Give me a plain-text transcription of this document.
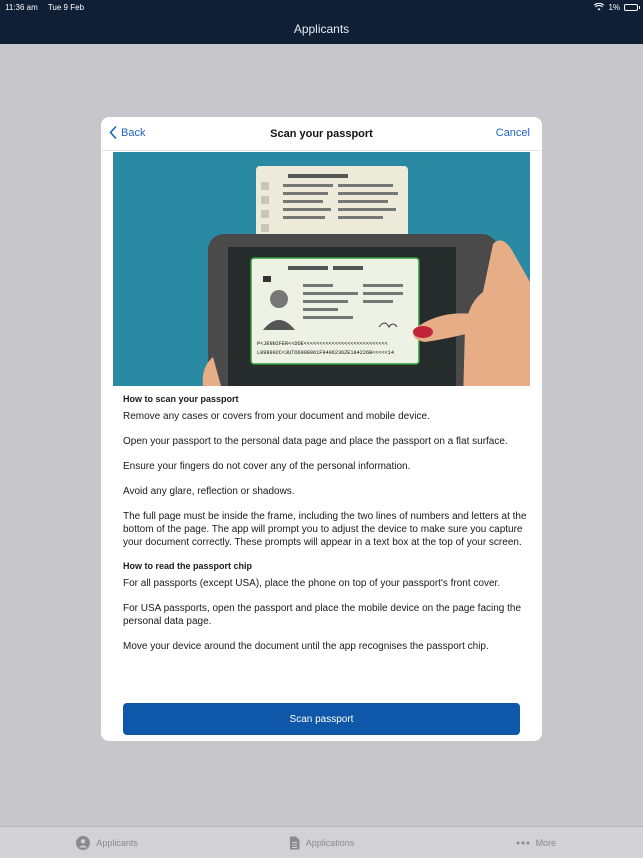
11:36 am Tue 9 Feb	1%
Applicants
Back	Scan your passport	Cancel
P<JENNIFER<<DOE<<<<<<<<<<<<<<<<<<<<<<<<<<<
L898902C<3UTO6908061F9406236ZE184226B<<<<<14
How to scan your passport

Remove any cases or covers from your document and mobile device.

Open your passport to the personal data page and place the passport on a flat surface.

Ensure your fingers do not cover any of the personal information.

Avoid any glare, reflection or shadows.

The full page must be inside the frame, including the two lines of numbers and letters at the bottom of the page. The app will prompt you to adjust the device to make sure you capture your document correctly. These prompts will appear in a text box at the top of your screen.

How to read the passport chip

For all passports (except USA), place the phone on top of your passport's front cover.

For USA passports, open the passport and place the mobile device on the page facing the personal data page.

Move your device around the document until the app recognises the passport chip.

Scan passport
Applicants	Applications	More
